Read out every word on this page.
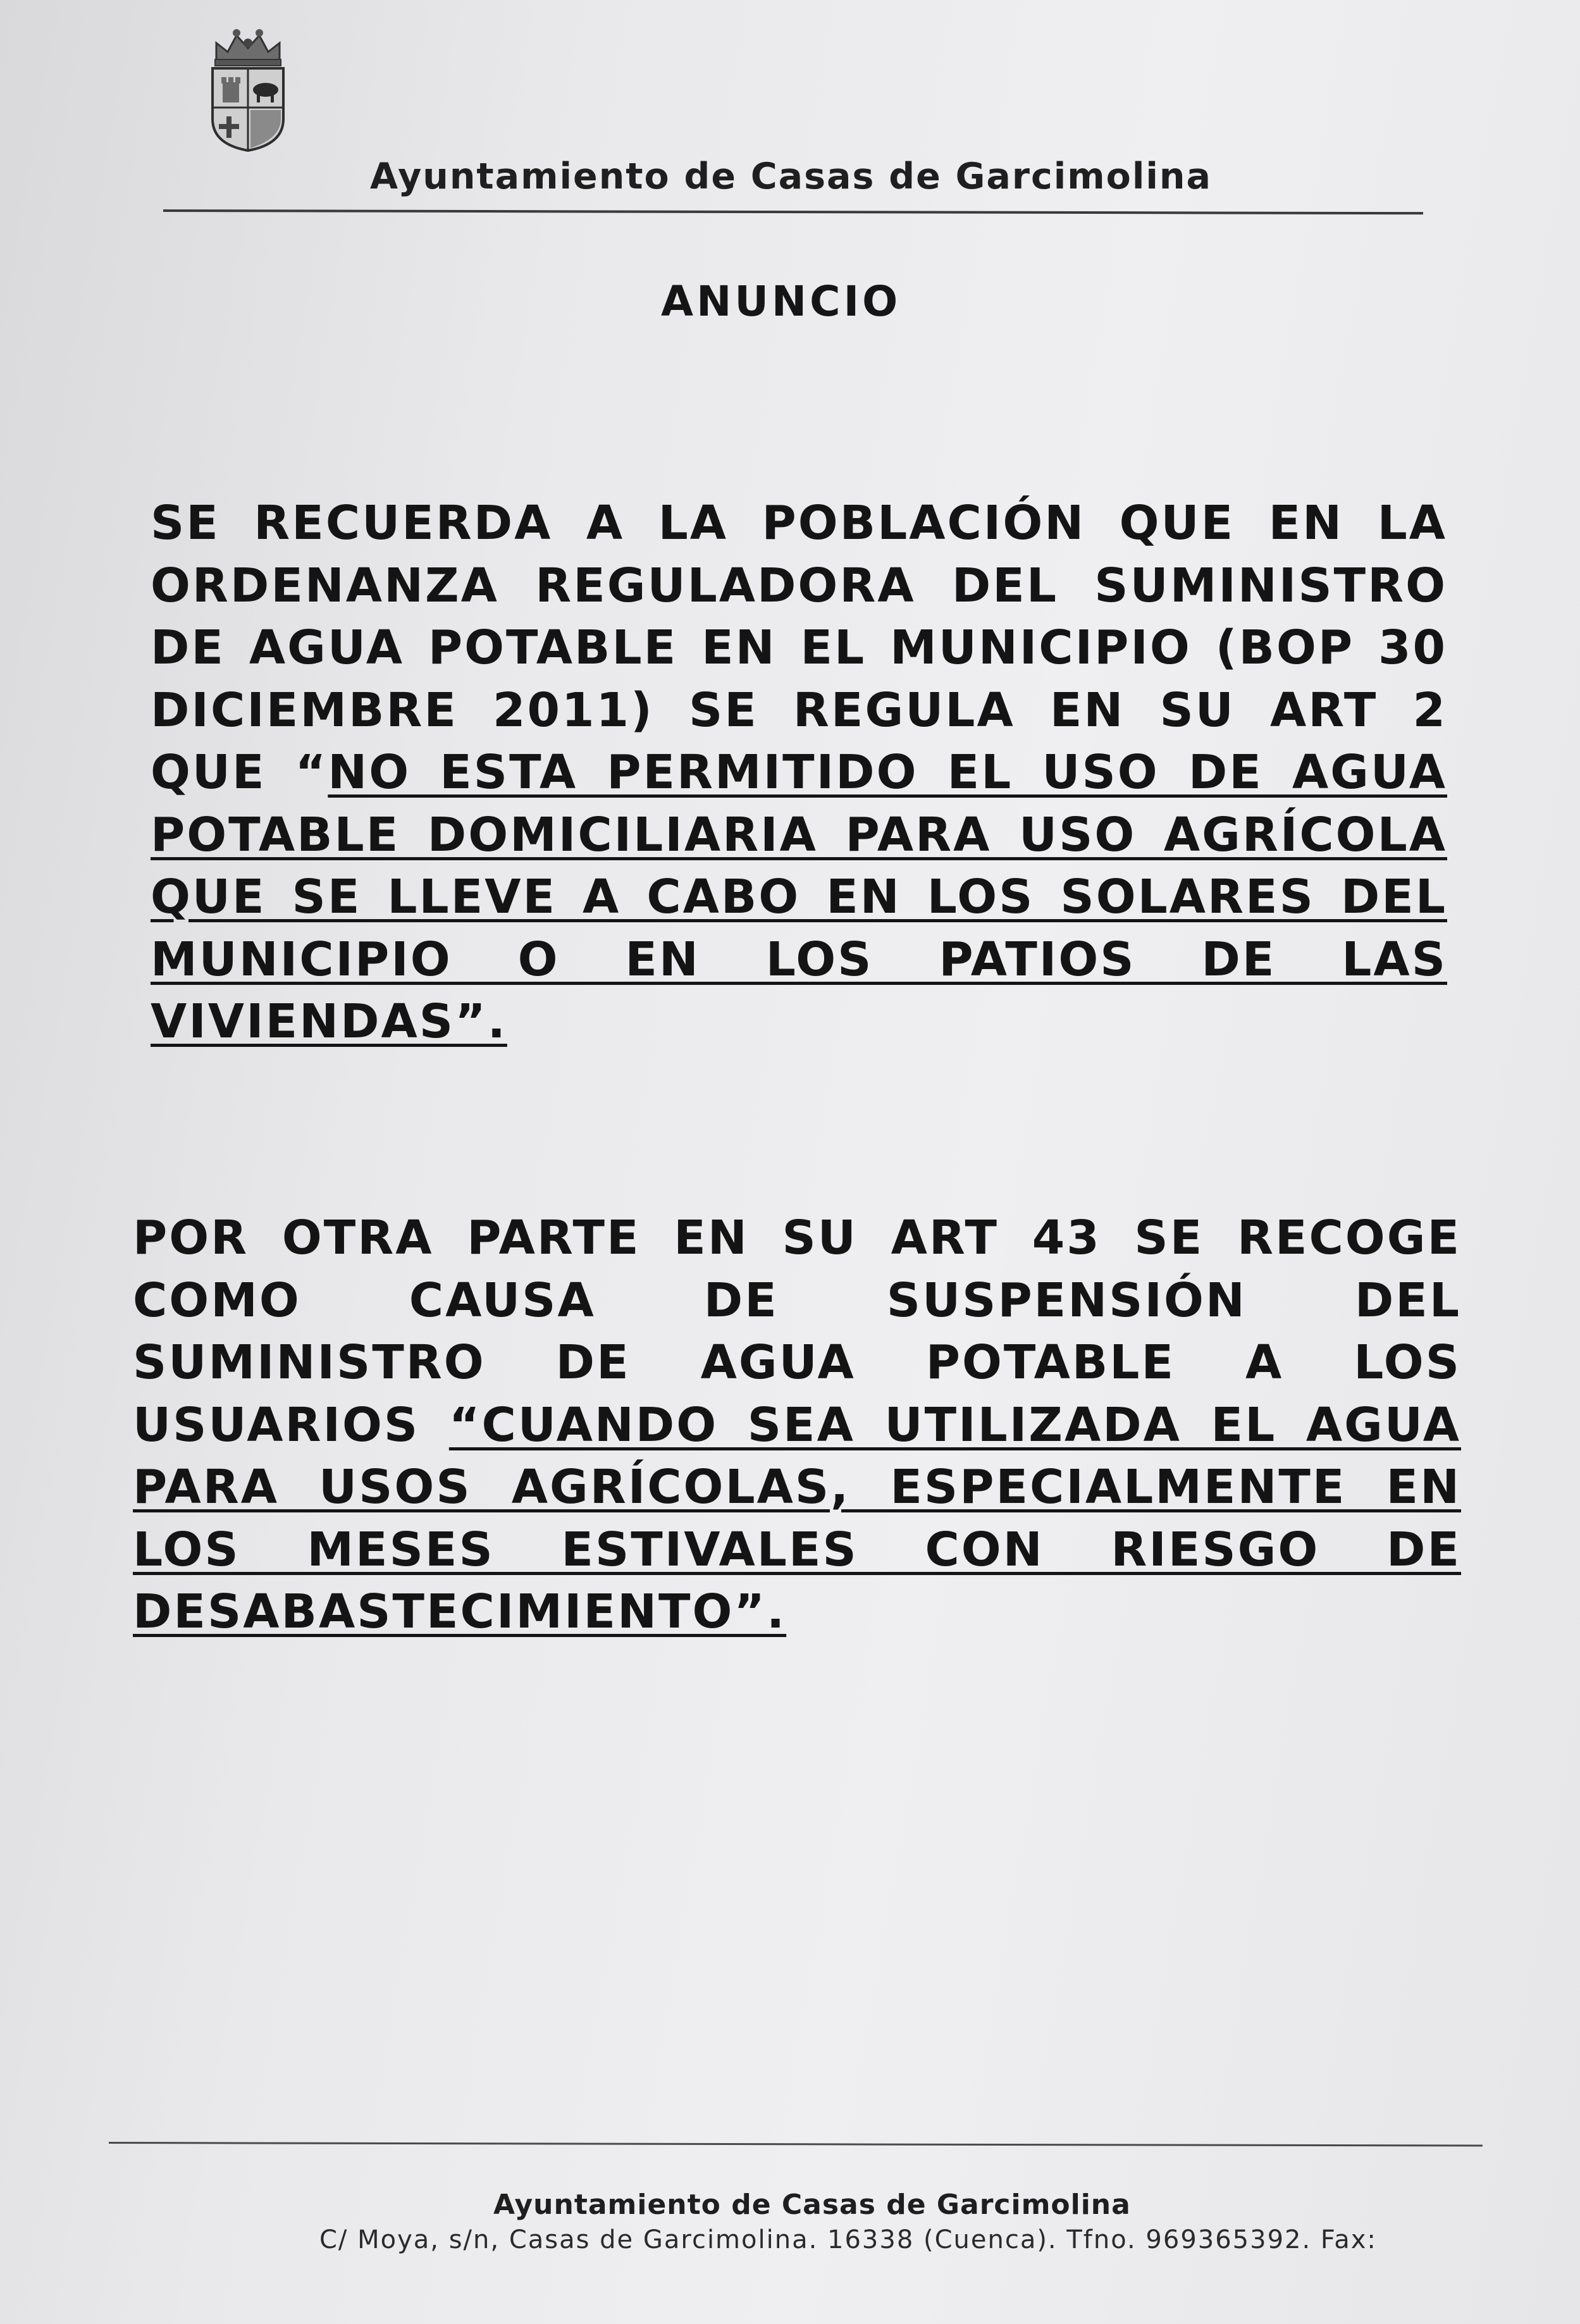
Ayuntamiento de Casas de Garcimolina
ANUNCIO
SE RECUERDA A LA POBLACIÓN QUE EN LA ORDENANZA REGULADORA DEL SUMINISTRO DE AGUA POTABLE EN EL MUNICIPIO (BOP 30 DICIEMBRE 2011) SE REGULA EN SU ART 2 QUE “NO ESTA PERMITIDO EL USO DE AGUA POTABLE DOMICILIARIA PARA USO AGRÍCOLA QUE SE LLEVE A CABO EN LOS SOLARES DEL MUNICIPIO O EN LOS PATIOS DE LAS VIVIENDAS”.
POR OTRA PARTE EN SU ART 43 SE RECOGE COMO CAUSA DE SUSPENSIÓN DEL SUMINISTRO DE AGUA POTABLE A LOS USUARIOS “CUANDO SEA UTILIZADA EL AGUA PARA USOS AGRÍCOLAS, ESPECIALMENTE EN LOS MESES ESTIVALES CON RIESGO DE DESABASTECIMIENTO”.
Ayuntamiento de Casas de Garcimolina
C/ Moya, s/n, Casas de Garcimolina. 16338 (Cuenca). Tfno. 969365392. Fax:
